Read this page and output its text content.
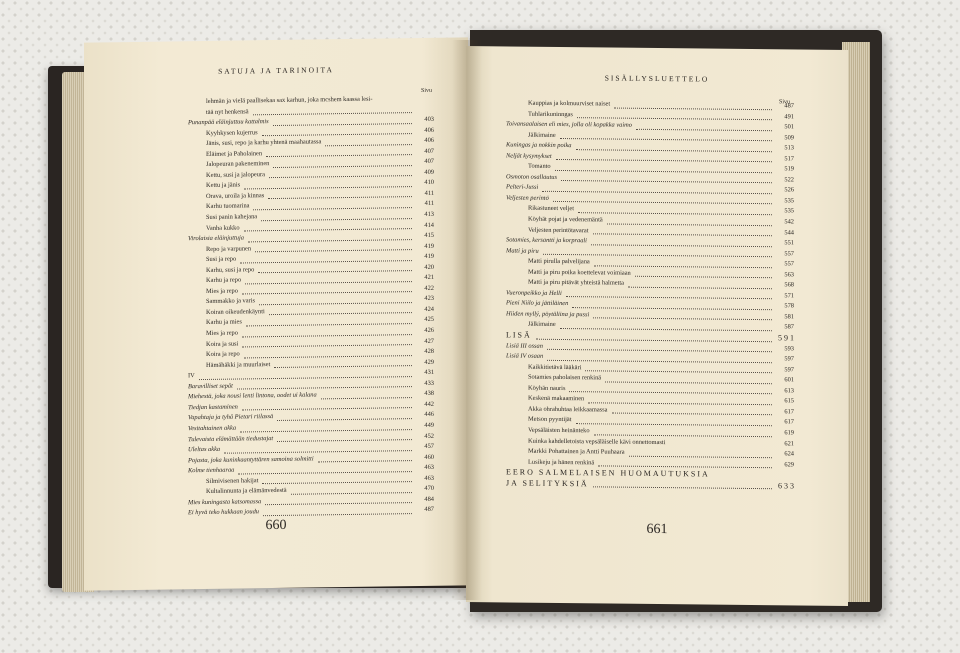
SATUJA JA TARINOITA
Sivu
lehmän ja vielä paallisekaa sax karhun, joka mcshem kaassa lesi-
tää nyt henkensä
Punanpää eläinjuttuu kattalmis	403
Kyyhkysen kujerrus	406
Jänis, susi, repo ja karhu yhtenä maahautassa	406
Eläimet ja Paholainen	407
Jalopeuran pakeneminen	407
Kettu, susi ja jalopeura	409
Kettu ja jänis	410
Orava, uroila ja kinnas	411
Karhu tuomarina	411
Susi panin kahejana	413
Vanha kukko	414
Virolaisia eläinjuttuja	415
Repo ja varpunen	419
Susi ja repo	419
Karhu, susi ja repo	420
Karhu ja repo	421
Mies ja repo	422
Sammakko ja varis	423
Koiran oikeudenkäynti	424
Karhu ja mies	425
Mies ja repo	426
Koira ja susi	427
Koira ja repo	428
Hämähäkki ja muurlaiset	429
IV	431
Baravilliset sepät	433
Miehestä, joka nousi lenti lintona, oodet ui kalana	438
Tiedjan kastaminen	442
Vapahtaja ja tyhä Pietari riilassä	446
Vesitahtainen akka	449
Tulevaista elämättään tiedustajat	452
Uleltas akka	457
Pojasta, joka kuninkaantyttären samoina solmitti	460
Kolme tienhaaraa	463
Silmivisenen hakijat	463
Kultalinnunta ja elämänvedestä	470
Mies kuningasta katsomassa	484
Ei hyvä teko hukkaan joudu	487
660
SISÄLLYSLUETTELO
Sivu
Kauppias ja kolmuurviset naiset	487
Tuhlarikuninngas	491
Toivansaalaisen eli mies, jolla oli kopakka vaimo	501
Jälkimaine	509
Kuningas ja nokkin poika	513
Neljät kysymykset	517
Tomanto	519
Osmoton osallautus	522
Pelteri-Jussi	526
Veljesten perintö	535
Rikastuneet veljet	535
Köyhät pojat ja vedenemäntä	542
Veljesten perintötavarat	544
Sotamies, kersantti ja korpraali	551
Matti ja piru	557
Matti pirulla palvelijana	557
Matti ja piru poika koettelevat voimiaan	563
Matti ja piru pitävät yhteistä halmetta	568
Vueronpeikko ja Helli	571
Pieni Niilo ja jättiläinen	578
Hiiden myllý, pöytäliina ja pussi	581
Jälkimaine	587
LISÄ	591
Lisiä III ossan	593
Lisiä IV osaan	597
Kaikkitietävä lääkäri	597
Sotamies paholaisen renkinä	601
Köyhän nauris	613
Keskenä makaaminen	615
Akka ohrahuhtaa leikkaamassa	617
Metson pyyntijät	617
Vepsäläisten heinänteko	619
Kuinka kahdelletoista vepsäläiselle kävi onnettomasti	621
Markki Pohattainen ja Antti Puuhaara	624
Lusikeju ja hänen renkinä	629
EERO SALMELAISEN HUOMAUTUKSIA
JA SELITYKSIÄ	633
661
